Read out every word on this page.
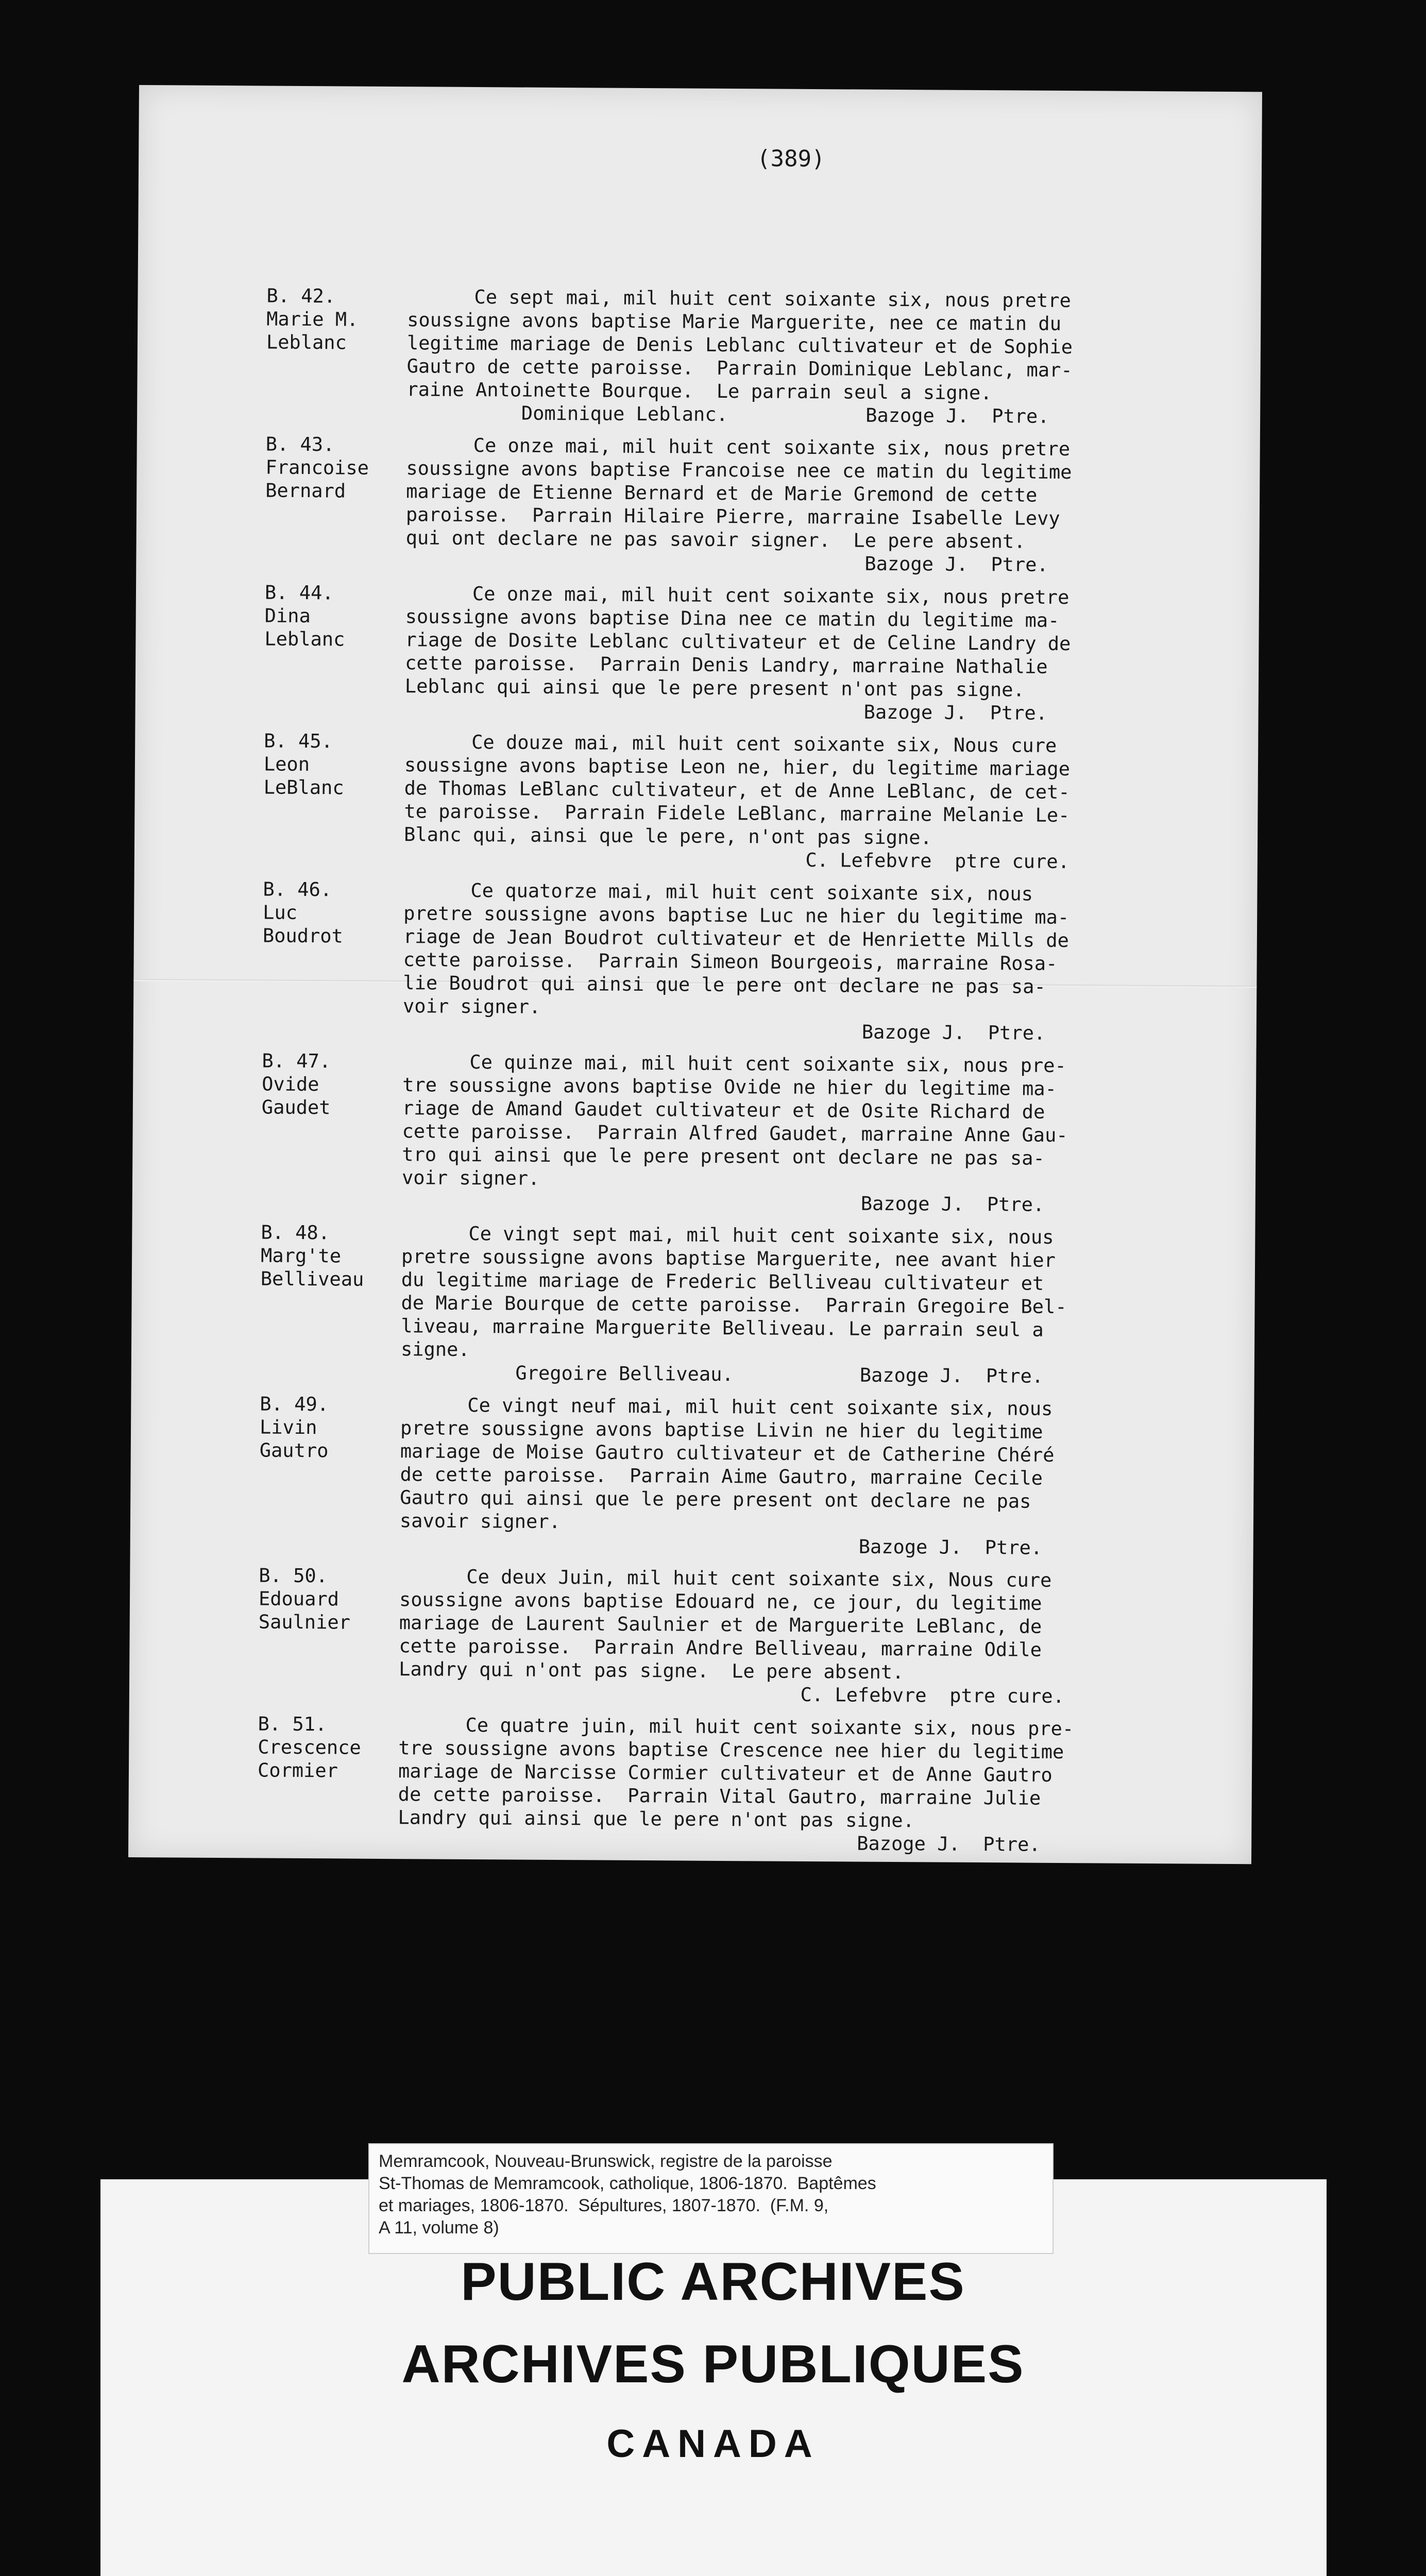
(389)
B. 42.
Marie M.
Leblanc
Ce sept mai, mil huit cent soixante six, nous pretre
soussigne avons baptise Marie Marguerite, nee ce matin du
legitime mariage de Denis Leblanc cultivateur et de Sophie
Gautro de cette paroisse.  Parrain Dominique Leblanc, mar-
raine Antoinette Bourque.  Le parrain seul a signe.
Dominique Leblanc.            Bazoge J.  Ptre.
B. 43.
Francoise
Bernard
Ce onze mai, mil huit cent soixante six, nous pretre
soussigne avons baptise Francoise nee ce matin du legitime
mariage de Etienne Bernard et de Marie Gremond de cette
paroisse.  Parrain Hilaire Pierre, marraine Isabelle Levy
qui ont declare ne pas savoir signer.  Le pere absent.
Bazoge J.  Ptre.
B. 44.
Dina
Leblanc
Ce onze mai, mil huit cent soixante six, nous pretre
soussigne avons baptise Dina nee ce matin du legitime ma-
riage de Dosite Leblanc cultivateur et de Celine Landry de
cette paroisse.  Parrain Denis Landry, marraine Nathalie
Leblanc qui ainsi que le pere present n'ont pas signe.
Bazoge J.  Ptre.
B. 45.
Leon
LeBlanc
Ce douze mai, mil huit cent soixante six, Nous cure
soussigne avons baptise Leon ne, hier, du legitime mariage
de Thomas LeBlanc cultivateur, et de Anne LeBlanc, de cet-
te paroisse.  Parrain Fidele LeBlanc, marraine Melanie Le-
Blanc qui, ainsi que le pere, n'ont pas signe.
C. Lefebvre  ptre cure.
B. 46.
Luc
Boudrot
Ce quatorze mai, mil huit cent soixante six, nous
pretre soussigne avons baptise Luc ne hier du legitime ma-
riage de Jean Boudrot cultivateur et de Henriette Mills de
cette paroisse.  Parrain Simeon Bourgeois, marraine Rosa-
lie Boudrot qui ainsi que le pere ont declare ne pas sa-
voir signer.
Bazoge J.  Ptre.
B. 47.
Ovide
Gaudet
Ce quinze mai, mil huit cent soixante six, nous pre-
tre soussigne avons baptise Ovide ne hier du legitime ma-
riage de Amand Gaudet cultivateur et de Osite Richard de
cette paroisse.  Parrain Alfred Gaudet, marraine Anne Gau-
tro qui ainsi que le pere present ont declare ne pas sa-
voir signer.
Bazoge J.  Ptre.
B. 48.
Marg'te
Belliveau
Ce vingt sept mai, mil huit cent soixante six, nous
pretre soussigne avons baptise Marguerite, nee avant hier
du legitime mariage de Frederic Belliveau cultivateur et
de Marie Bourque de cette paroisse.  Parrain Gregoire Bel-
liveau, marraine Marguerite Belliveau. Le parrain seul a
signe.
Gregoire Belliveau.           Bazoge J.  Ptre.
B. 49.
Livin
Gautro
Ce vingt neuf mai, mil huit cent soixante six, nous
pretre soussigne avons baptise Livin ne hier du legitime
mariage de Moise Gautro cultivateur et de Catherine Chéré
de cette paroisse.  Parrain Aime Gautro, marraine Cecile
Gautro qui ainsi que le pere present ont declare ne pas
savoir signer.
Bazoge J.  Ptre.
B. 50.
Edouard
Saulnier
Ce deux Juin, mil huit cent soixante six, Nous cure
soussigne avons baptise Edouard ne, ce jour, du legitime
mariage de Laurent Saulnier et de Marguerite LeBlanc, de
cette paroisse.  Parrain Andre Belliveau, marraine Odile
Landry qui n'ont pas signe.  Le pere absent.
C. Lefebvre  ptre cure.
B. 51.
Crescence
Cormier
Ce quatre juin, mil huit cent soixante six, nous pre-
tre soussigne avons baptise Crescence nee hier du legitime
mariage de Narcisse Cormier cultivateur et de Anne Gautro
de cette paroisse.  Parrain Vital Gautro, marraine Julie
Landry qui ainsi que le pere n'ont pas signe.
Bazoge J.  Ptre.
Memramcook, Nouveau-Brunswick, registre de la paroisse
St-Thomas de Memramcook, catholique, 1806-1870.  Baptêmes
et mariages, 1806-1870.  Sépultures, 1807-1870.  (F.M. 9,
A 11, volume 8)
PUBLIC ARCHIVES
ARCHIVES PUBLIQUES
CANADA
